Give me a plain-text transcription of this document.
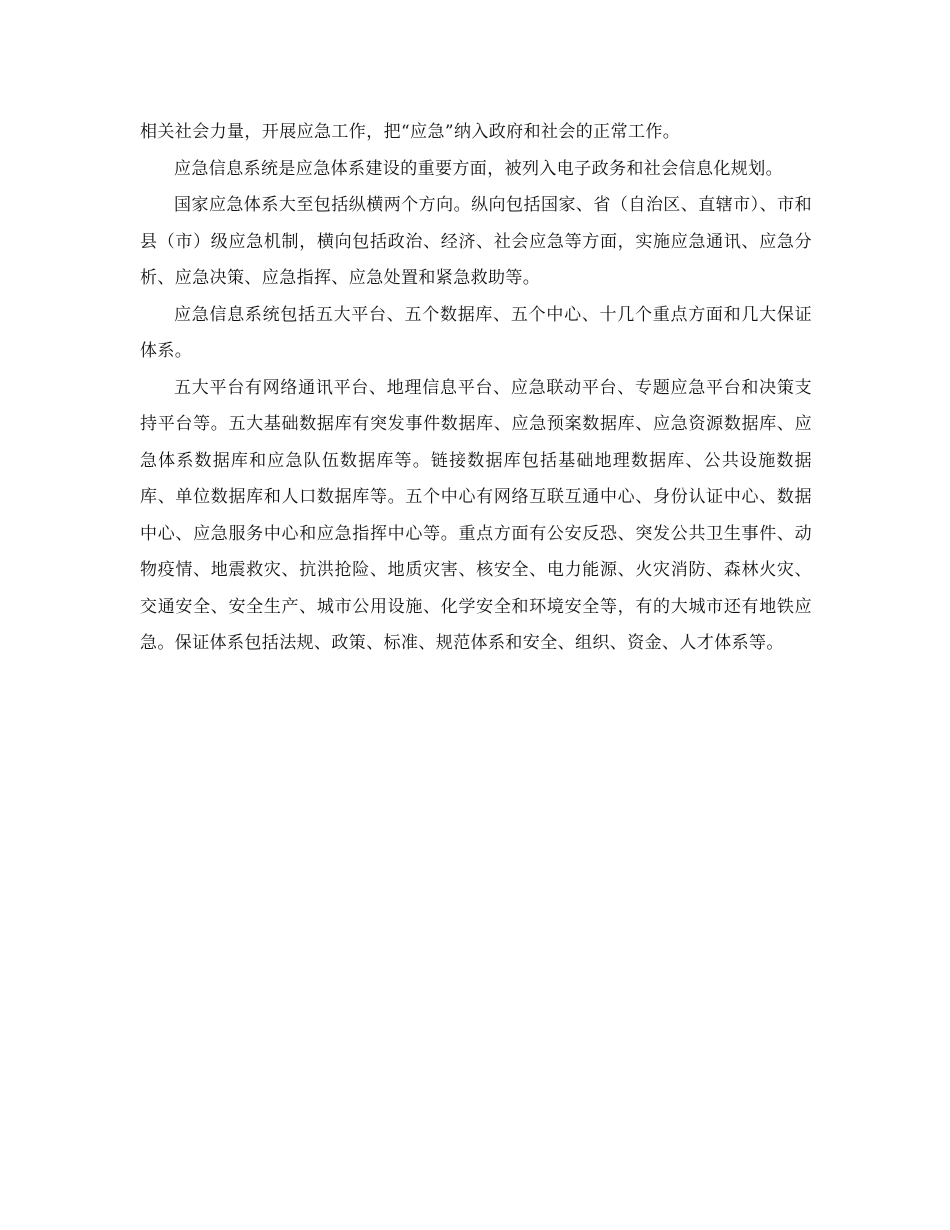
相关社会力量，开展应急工作，把“应急”纳入政府和社会的正常工作。

应急信息系统是应急体系建设的重要方面，被列入电子政务和社会信息化规划。

国家应急体系大至包括纵横两个方向。纵向包括国家、省（自治区、直辖市）、市和县（市）级应急机制，横向包括政治、经济、社会应急等方面，实施应急通讯、应急分析、应急决策、应急指挥、应急处置和紧急救助等。

应急信息系统包括五大平台、五个数据库、五个中心、十几个重点方面和几大保证体系。

五大平台有网络通讯平台、地理信息平台、应急联动平台、专题应急平台和决策支持平台等。五大基础数据库有突发事件数据库、应急预案数据库、应急资源数据库、应急体系数据库和应急队伍数据库等。链接数据库包括基础地理数据库、公共设施数据库、单位数据库和人口数据库等。五个中心有网络互联互通中心、身份认证中心、数据中心、应急服务中心和应急指挥中心等。重点方面有公安反恐、突发公共卫生事件、动物疫情、地震救灾、抗洪抢险、地质灾害、核安全、电力能源、火灾消防、森林火灾、交通安全、安全生产、城市公用设施、化学安全和环境安全等，有的大城市还有地铁应急。保证体系包括法规、政策、标准、规范体系和安全、组织、资金、人才体系等。
